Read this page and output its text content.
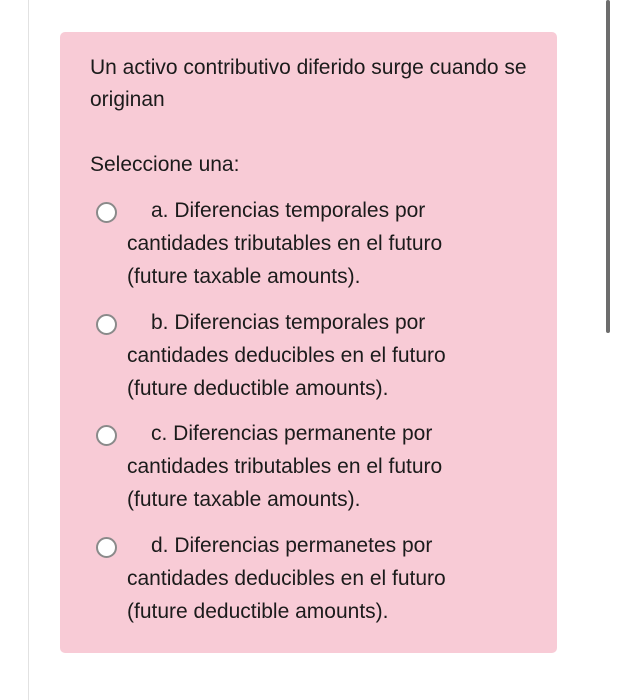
Un activo contributivo diferido surge cuando se originan
Seleccione una:
a. Diferencias temporales por cantidades tributables en el futuro (future taxable amounts).
b. Diferencias temporales por cantidades deducibles en el futuro (future deductible amounts).
c. Diferencias permanente por cantidades tributables en el futuro (future taxable amounts).
d. Diferencias permanetes por cantidades deducibles en el futuro (future deductible amounts).
